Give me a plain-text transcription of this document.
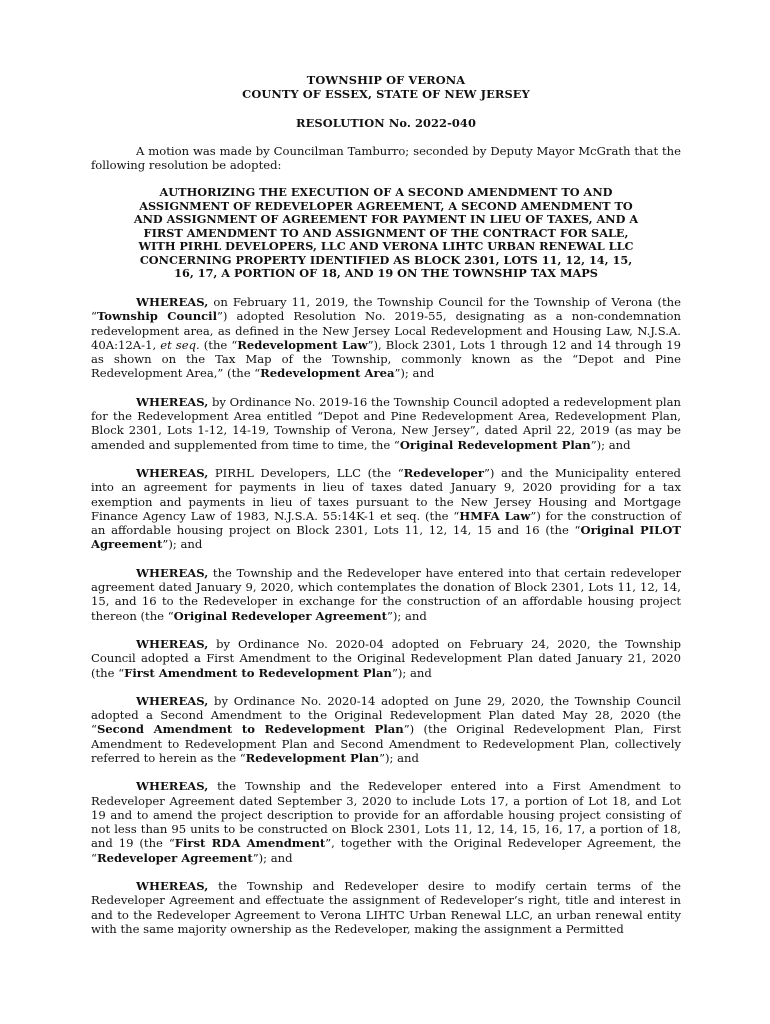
TOWNSHIP OF VERONA
COUNTY OF ESSEX, STATE OF NEW JERSEY
RESOLUTION No. 2022-040
A motion was made by Councilman Tamburro; seconded by Deputy Mayor McGrath that the following resolution be adopted:
AUTHORIZING THE EXECUTION OF A SECOND AMENDMENT TO AND ASSIGNMENT OF REDEVELOPER AGREEMENT, A SECOND AMENDMENT TO AND ASSIGNMENT OF AGREEMENT FOR PAYMENT IN LIEU OF TAXES, AND A FIRST AMENDMENT TO AND ASSIGNMENT OF THE CONTRACT FOR SALE, WITH PIRHL DEVELOPERS, LLC AND VERONA LIHTC URBAN RENEWAL LLC CONCERNING PROPERTY IDENTIFIED AS BLOCK 2301, LOTS 11, 12, 14, 15, 16, 17, A PORTION OF 18, AND 19 ON THE TOWNSHIP TAX MAPS

WHEREAS, on February 11, 2019, the Township Council for the Township of Verona (the “Township Council”) adopted Resolution No. 2019-55, designating as a non-condemnation redevelopment area, as defined in the New Jersey Local Redevelopment and Housing Law, N.J.S.A. 40A:12A-1, et seq. (the “Redevelopment Law”), Block 2301, Lots 1 through 12 and 14 through 19 as shown on the Tax Map of the Township, commonly known as the “Depot and Pine Redevelopment Area,” (the “Redevelopment Area”); and

WHEREAS, by Ordinance No. 2019-16 the Township Council adopted a redevelopment plan for the Redevelopment Area entitled “Depot and Pine Redevelopment Area, Redevelopment Plan, Block 2301, Lots 1-12, 14-19, Township of Verona, New Jersey”, dated April 22, 2019 (as may be amended and supplemented from time to time, the “Original Redevelopment Plan”); and

WHEREAS, PIRHL Developers, LLC (the “Redeveloper”) and the Municipality entered into an agreement for payments in lieu of taxes dated January 9, 2020 providing for a tax exemption and payments in lieu of taxes pursuant to the New Jersey Housing and Mortgage Finance Agency Law of 1983, N.J.S.A. 55:14K-1 et seq. (the “HMFA Law”) for the construction of an affordable housing project on Block 2301, Lots 11, 12, 14, 15 and 16 (the “Original PILOT Agreement”); and

WHEREAS, the Township and the Redeveloper have entered into that certain redeveloper agreement dated January 9, 2020, which contemplates the donation of Block 2301, Lots 11, 12, 14, 15, and 16 to the Redeveloper in exchange for the construction of an affordable housing project thereon (the “Original Redeveloper Agreement”); and

WHEREAS, by Ordinance No. 2020-04 adopted on February 24, 2020, the Township Council adopted a First Amendment to the Original Redevelopment Plan dated January 21, 2020 (the “First Amendment to Redevelopment Plan”); and

WHEREAS, by Ordinance No. 2020-14 adopted on June 29, 2020, the Township Council adopted a Second Amendment to the Original Redevelopment Plan dated May 28, 2020 (the “Second Amendment to Redevelopment Plan”) (the Original Redevelopment Plan, First Amendment to Redevelopment Plan and Second Amendment to Redevelopment Plan, collectively referred to herein as the “Redevelopment Plan”); and

WHEREAS, the Township and the Redeveloper entered into a First Amendment to Redeveloper Agreement dated September 3, 2020 to include Lots 17, a portion of Lot 18, and Lot 19 and to amend the project description to provide for an affordable housing project consisting of not less than 95 units to be constructed on Block 2301, Lots 11, 12, 14, 15, 16, 17, a portion of 18, and 19 (the “First RDA Amendment”, together with the Original Redeveloper Agreement, the “Redeveloper Agreement”); and

WHEREAS, the Township and Redeveloper desire to modify certain terms of the Redeveloper Agreement and effectuate the assignment of Redeveloper’s right, title and interest in and to the Redeveloper Agreement to Verona LIHTC Urban Renewal LLC, an urban renewal entity with the same majority ownership as the Redeveloper, making the assignment a Permitted
